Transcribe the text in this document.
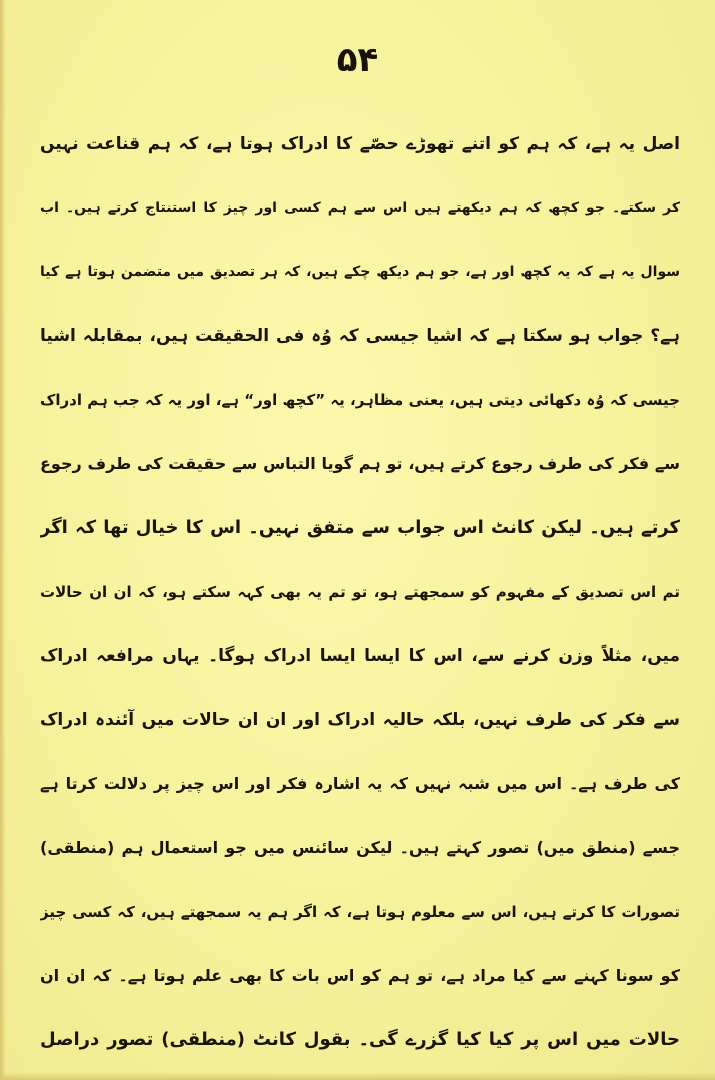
۵۴
اصل یہ ہے، کہ ہم کو اتنے تھوڑے حصّے کا ادراک ہوتا ہے، کہ ہم قناعت نہیں
کر سکتے۔ جو کچھ کہ ہم دیکھتے ہیں اس سے ہم کسی اور چیز کا استنتاج کرتے ہیں۔ اب
سوال یہ ہے کہ یہ کچھ اور ہے، جو ہم دیکھ چکے ہیں، کہ ہر تصدیق میں متضمن ہوتا ہے کیا
ہے؟ جواب ہو سکتا ہے کہ اشیا جیسی کہ وُہ فی الحقیقت ہیں، بمقابلہ اشیا
جیسی کہ وُہ دکھائی دیتی ہیں، یعنی مظاہر، یہ ”کچھ اور“ ہے، اور یہ کہ جب ہم ادراک
سے فکر کی طرف رجوع کرتے ہیں، تو ہم گویا التباس سے حقیقت کی طرف رجوع
کرتے ہیں۔ لیکن کانٹ اس جواب سے متفق نہیں۔ اس کا خیال تھا کہ اگر
تم اس تصدیق کے مفہوم کو سمجھتے ہو، تو تم یہ بھی کہہ سکتے ہو، کہ ان ان حالات
میں، مثلاً وزن کرنے سے، اس کا ایسا ایسا ادراک ہوگا۔ یہاں مرافعہ ادراک
سے فکر کی طرف نہیں، بلکہ حالیہ ادراک اور ان ان حالات میں آئندہ ادراک
کی طرف ہے۔ اس میں شبہ نہیں کہ یہ اشارہ فکر اور اس چیز پر دلالت کرتا ہے
جسے (منطق میں) تصور کہتے ہیں۔ لیکن سائنس میں جو استعمال ہم (منطقی)
تصورات کا کرتے ہیں، اس سے معلوم ہوتا ہے، کہ اگر ہم یہ سمجھتے ہیں، کہ کسی چیز
کو سونا کہنے سے کیا مراد ہے، تو ہم کو اس بات کا بھی علم ہوتا ہے۔ کہ ان ان
حالات میں اس پر کیا کیا گزرے گی۔ بقول کانٹ (منطقی) تصور دراصل
